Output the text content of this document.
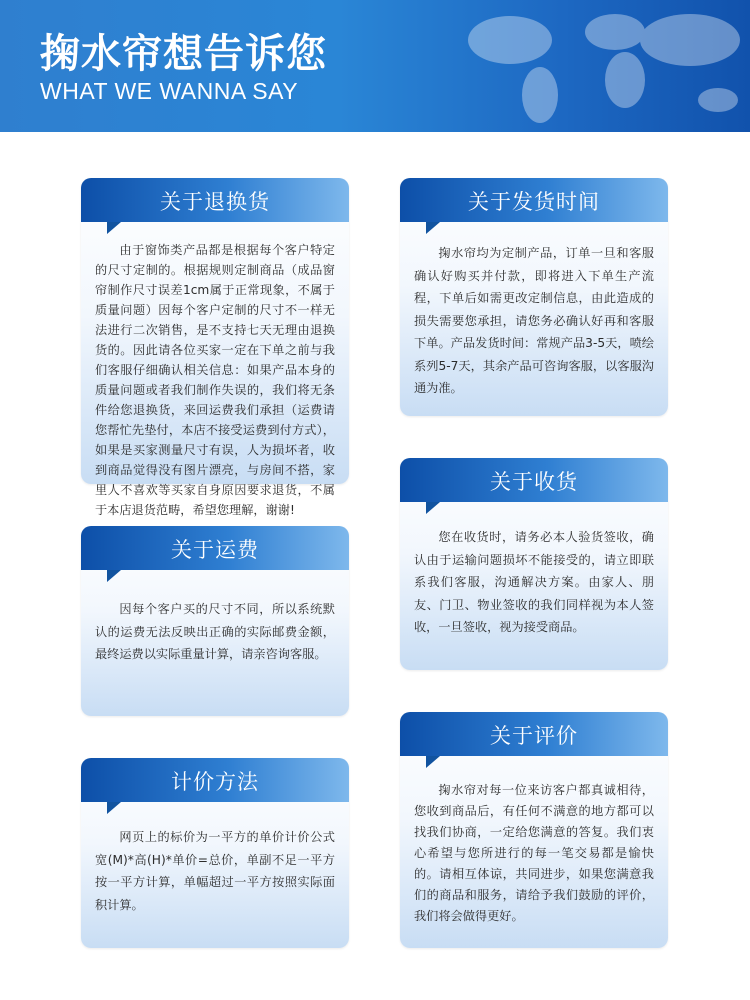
掬水帘想告诉您
WHAT WE WANNA SAY
关于退换货
由于窗饰类产品都是根据每个客户特定的尺寸定制的。根据规则定制商品（成品窗帘制作尺寸误差1cm属于正常现象，不属于质量问题）因每个客户定制的尺寸不一样无法进行二次销售，是不支持七天无理由退换货的。因此请各位买家一定在下单之前与我们客服仔细确认相关信息：如果产品本身的质量问题或者我们制作失误的，我们将无条件给您退换货，来回运费我们承担（运费请您帮忙先垫付，本店不接受运费到付方式），如果是买家测量尺寸有误，人为损坏者，收到商品觉得没有图片漂亮，与房间不搭，家里人不喜欢等买家自身原因要求退货，不属于本店退货范畴，希望您理解，谢谢!
关于发货时间
掬水帘均为定制产品，订单一旦和客服确认好购买并付款，即将进入下单生产流程，下单后如需更改定制信息，由此造成的损失需要您承担，请您务必确认好再和客服下单。产品发货时间：常规产品3-5天，喷绘系列5-7天，其余产品可咨询客服，以客服沟通为准。
关于收货
您在收货时，请务必本人验货签收，确认由于运输问题损坏不能接受的，请立即联系我们客服，沟通解决方案。由家人、朋友、门卫、物业签收的我们同样视为本人签收，一旦签收，视为接受商品。
关于运费
因每个客户买的尺寸不同，所以系统默认的运费无法反映出正确的实际邮费金额，最终运费以实际重量计算，请亲咨询客服。
计价方法
网页上的标价为一平方的单价计价公式宽(M)*高(H)*单价=总价，单副不足一平方按一平方计算，单幅超过一平方按照实际面积计算。
关于评价
掬水帘对每一位来访客户都真诚相待，您收到商品后，有任何不满意的地方都可以找我们协商，一定给您满意的答复。我们衷心希望与您所进行的每一笔交易都是愉快的。请相互体谅，共同进步，如果您满意我们的商品和服务，请给予我们鼓励的评价，我们将会做得更好。
